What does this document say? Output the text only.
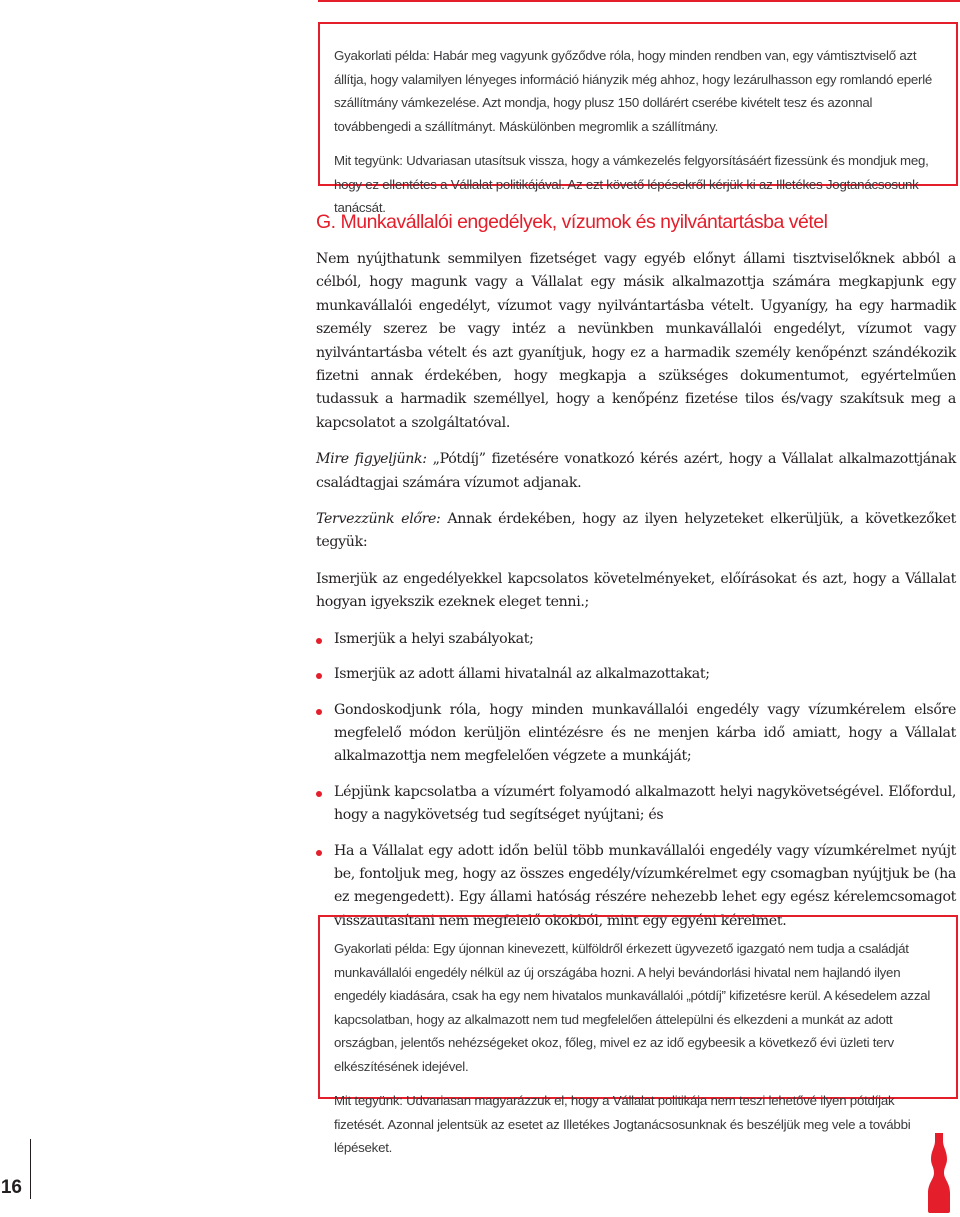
Gyakorlati példa: Habár meg vagyunk győződve róla, hogy minden rendben van, egy vámtisztviselő azt állítja, hogy valamilyen lényeges információ hiányzik még ahhoz, hogy lezárulhasson egy romlandó eperlé szállítmány vámkezelése. Azt mondja, hogy plusz 150 dollárért cserébe kivételt tesz és azonnal továbbengedi a szállítmányt. Máskülönben megromlik a szállítmány.

Mit tegyünk: Udvariasan utasítsuk vissza, hogy a vámkezelés felgyorsításáért fizessünk és mondjuk meg, hogy ez ellentétes a Vállalat politikájával. Az ezt követő lépésekről kérjük ki az Illetékes Jogtanácsosunk tanácsát.

G. Munkavállalói engedélyek, vízumok és nyilvántartásba vétel

Nem nyújthatunk semmilyen fizetséget vagy egyéb előnyt állami tisztviselőknek abból a célból, hogy magunk vagy a Vállalat egy másik alkalmazottja számára megkapjunk egy munkavállalói engedélyt, vízumot vagy nyilvántartásba vételt. Ugyanígy, ha egy harmadik személy szerez be vagy intéz a nevünkben munkavállalói engedélyt, vízumot vagy nyilvántartásba vételt és azt gyanítjuk, hogy ez a harmadik személy kenőpénzt szándékozik fizetni annak érdekében, hogy megkapja a szükséges dokumentumot, egyértelműen tudassuk a harmadik személlyel, hogy a kenőpénz fizetése tilos és/vagy szakítsuk meg a kapcsolatot a szolgáltatóval.

Mire figyeljünk: „Pótdíj” fizetésére vonatkozó kérés azért, hogy a Vállalat alkalmazottjának családtagjai számára vízumot adjanak.

Tervezzünk előre: Annak érdekében, hogy az ilyen helyzeteket elkerüljük, a következőket tegyük:

Ismerjük az engedélyekkel kapcsolatos követelményeket, előírásokat és azt, hogy a Vállalat hogyan igyekszik ezeknek eleget tenni.;

Ismerjük a helyi szabályokat;
Ismerjük az adott állami hivatalnál az alkalmazottakat;
Gondoskodjunk róla, hogy minden munkavállalói engedély vagy vízumkérelem elsőre megfelelő módon kerüljön elintézésre és ne menjen kárba idő amiatt, hogy a Vállalat alkalmazottja nem megfelelően végzete a munkáját;
Lépjünk kapcsolatba a vízumért folyamodó alkalmazott helyi nagykövetségével. Előfordul, hogy a nagykövetség tud segítséget nyújtani; és
Ha a Vállalat egy adott időn belül több munkavállalói engedély vagy vízumkérelmet nyújt be, fontoljuk meg, hogy az összes engedély/vízumkérelmet egy csomagban nyújtjuk be (ha ez megengedett). Egy állami hatóság részére nehezebb lehet egy egész kérelemcsomagot visszautasítani nem megfelelő okokból, mint egy egyéni kérelmet.

Gyakorlati példa: Egy újonnan kinevezett, külföldről érkezett ügyvezető igazgató nem tudja a családját munkavállalói engedély nélkül az új országába hozni. A helyi bevándorlási hivatal nem hajlandó ilyen engedély kiadására, csak ha egy nem hivatalos munkavállalói „pótdíj” kifizetésre kerül. A késedelem azzal kapcsolatban, hogy az alkalmazott nem tud megfelelően áttelepülni és elkezdeni a munkát az adott országban, jelentős nehézségeket okoz, főleg, mivel ez az idő egybeesik a következő évi üzleti terv elkészítésének idejével.

Mit tegyünk: Udvariasan magyarázzuk el, hogy a Vállalat politikája nem teszi lehetővé ilyen pótdíjak fizetését. Azonnal jelentsük az esetet az Illetékes Jogtanácsosunknak és beszéljük meg vele a további lépéseket.

16
